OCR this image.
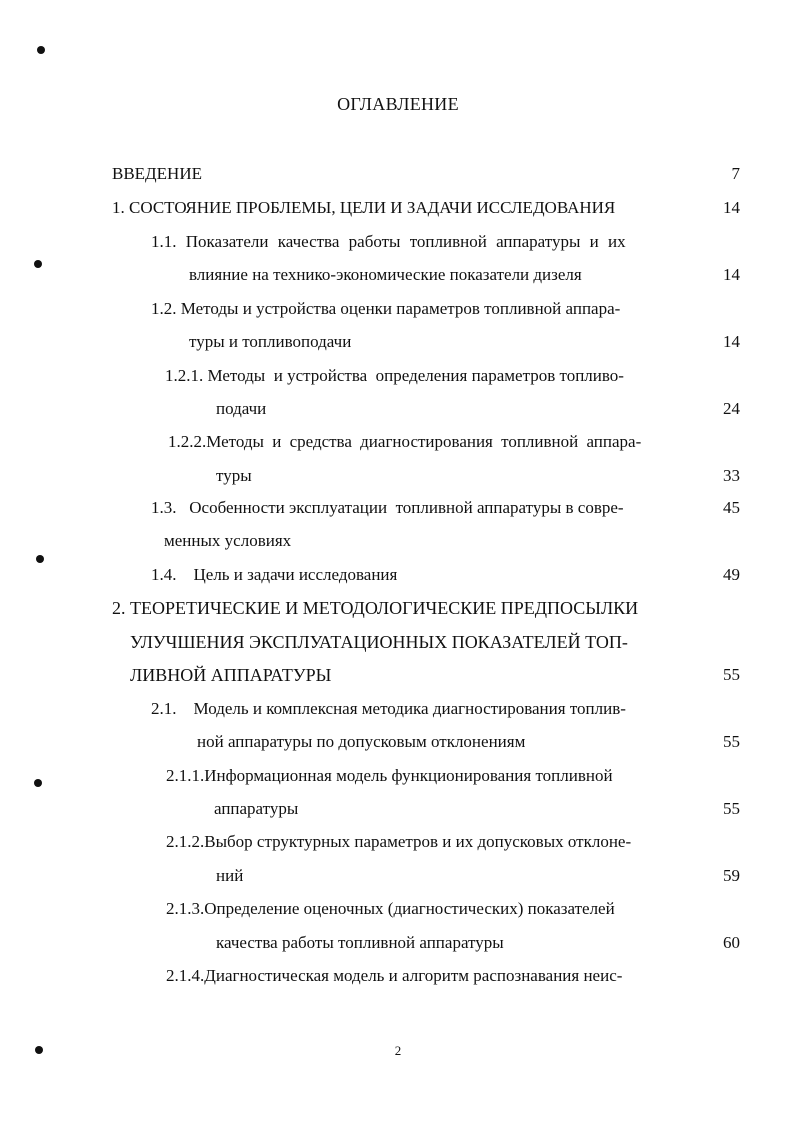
ОГЛАВЛЕНИЕ
ВВЕДЕНИЕ	7
1. СОСТОЯНИЕ ПРОБЛЕМЫ, ЦЕЛИ И ЗАДАЧИ ИССЛЕДОВАНИЯ	14
1.1. Показатели качества работы топливной аппаратуры и их
влияние на технико-экономические показатели дизеля	14
1.2. Методы и устройства оценки параметров топливной аппара-
туры и топливоподачи	14
1.2.1. Методы  и устройства  определения параметров топливо-
подачи	24
1.2.2.Методы и средства диагностирования топливной аппара-
туры	33
1.3.   Особенности эксплуатации  топливной аппаратуры в совре-	45
менных условиях
1.4.    Цель и задачи исследования	49
2. ТЕОРЕТИЧЕСКИЕ И МЕТОДОЛОГИЧЕСКИЕ ПРЕДПОСЫЛКИ
УЛУЧШЕНИЯ ЭКСПЛУАТАЦИОННЫХ ПОКАЗАТЕЛЕЙ ТОП-
ЛИВНОЙ АППАРАТУРЫ	55
2.1.    Модель и комплексная методика диагностирования топлив-
ной аппаратуры по допусковым отклонениям	55
2.1.1.Информационная модель функционирования топливной
аппаратуры	55
2.1.2.Выбор структурных параметров и их допусковых отклоне-
ний	59
2.1.3.Определение оценочных (диагностических) показателей
качества работы топливной аппаратуры	60
2.1.4.Диагностическая модель и алгоритм распознавания неис-
2
